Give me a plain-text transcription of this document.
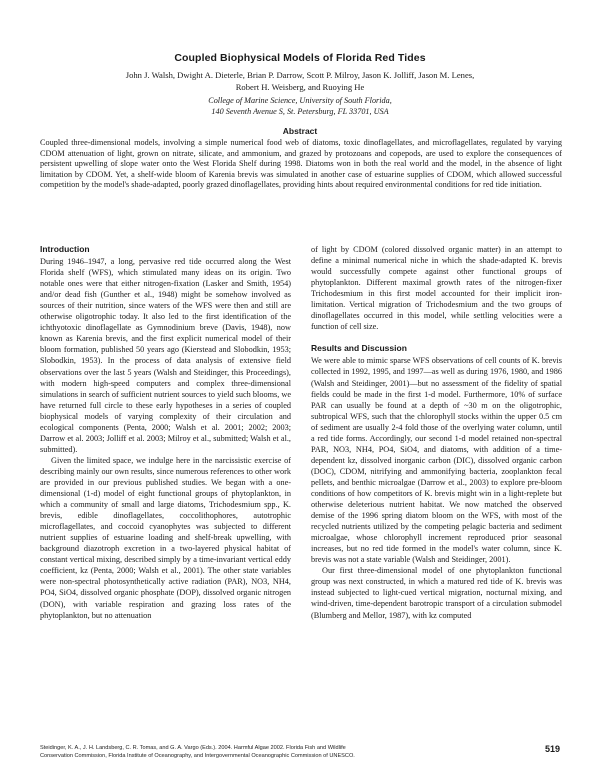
Coupled Biophysical Models of Florida Red Tides
John J. Walsh, Dwight A. Dieterle, Brian P. Darrow, Scott P. Milroy, Jason K. Jolliff, Jason M. Lenes,
Robert H. Weisberg, and Ruoying He
College of Marine Science, University of South Florida,
140 Seventh Avenue S, St. Petersburg, FL 33701, USA
Abstract
Coupled three-dimensional models, involving a simple numerical food web of diatoms, toxic dinoflagellates, and microflagellates, regulated by varying CDOM attenuation of light, grown on nitrate, silicate, and ammonium, and grazed by protozoans and copepods, are used to explore the consequences of persistent upwelling of slope water onto the West Florida Shelf during 1998. Diatoms won in both the real world and the model, in the absence of light limitation by CDOM. Yet, a shelf-wide bloom of Karenia brevis was simulated in another case of estuarine supplies of CDOM, which allowed successful competition by the model's shade-adapted, poorly grazed dinoflagellates, providing hints about required environmental conditions for red tide initiation.
Introduction
During 1946–1947, a long, pervasive red tide occurred along the West Florida shelf (WFS), which stimulated many ideas on its origin. Two notable ones were that either nitrogen-fixation (Lasker and Smith, 1954) and/or dead fish (Gunther et al., 1948) might be somehow involved as sources of their nutrition, since waters of the WFS were then and still are otherwise oligotrophic today. It also led to the first identification of the ichthyotoxic dinoflagellate as Gymnodinium breve (Davis, 1948), now known as Karenia brevis, and the first explicit numerical model of their bloom formation, published 50 years ago (Kierstead and Slobodkin, 1953; Slobodkin, 1953). In the process of data analysis of extensive field observations over the last 5 years (Walsh and Steidinger, this Proceedings), with modern high-speed computers and complex three-dimensional simulations in search of sufficient nutrient sources to yield such blooms, we have returned full circle to these early hypotheses in a series of coupled biophysical models of varying complexity of their circulation and ecological components (Penta, 2000; Walsh et al. 2001; 2002; 2003; Darrow et al. 2003; Jolliff et al. 2003; Milroy et al., submitted; Walsh et al., submitted).
Given the limited space, we indulge here in the narcissistic exercise of describing mainly our own results, since numerous references to other work are provided in our previous published studies. We began with a one-dimensional (1-d) model of eight functional groups of phytoplankton, in which a community of small and large diatoms, Trichodesmium spp., K. brevis, edible dinoflagellates, coccolithophores, autotrophic microflagellates, and coccoid cyanophytes was subjected to different nutrient supplies of estuarine loading and shelf-break upwelling, with background diazotroph excretion in a two-layered physical habitat of constant vertical mixing, described simply by a time-invariant vertical eddy coefficient, kz (Penta, 2000; Walsh et al., 2001). The other state variables were non-spectral photosynthetically active radiation (PAR), NO3, NH4, PO4, SiO4, dissolved organic phosphate (DOP), dissolved organic nitrogen (DON), with variable respiration and grazing loss rates of the phytoplankton, but no attenuation
of light by CDOM (colored dissolved organic matter) in an attempt to define a minimal numerical niche in which the shade-adapted K. brevis would successfully compete against other functional groups of phytoplankton. Different maximal growth rates of the nitrogen-fixer Trichodesmium in this first model accounted for their implicit iron-limitation. Vertical migration of Trichodesmium and the two groups of dinoflagellates occurred in this model, while settling velocities were a function of cell size.
Results and Discussion
We were able to mimic sparse WFS observations of cell counts of K. brevis collected in 1992, 1995, and 1997—as well as during 1976, 1980, and 1986 (Walsh and Steidinger, 2001)—but no assessment of the fidelity of spatial fields could be made in the first 1-d model. Furthermore, 10% of surface PAR can usually be found at a depth of ~30 m on the oligotrophic, subtropical WFS, such that the chlorophyll stocks within the upper 0.5 cm of sediment are usually 2-4 fold those of the overlying water column, until a red tide forms. Accordingly, our second 1-d model retained non-spectral PAR, NO3, NH4, PO4, SiO4, and diatoms, with addition of a time-dependent kz, dissolved inorganic carbon (DIC), dissolved organic carbon (DOC), CDOM, nitrifying and ammonifying bacteria, zooplankton fecal pellets, and benthic microalgae (Darrow et al., 2003) to explore pre-bloom conditions of how competitors of K. brevis might win in a light-replete but otherwise deleterious nutrient habitat. We now matched the observed demise of the 1996 spring diatom bloom on the WFS, with most of the recycled nutrients utilized by the competing pelagic bacteria and sediment microalgae, whose chlorophyll increment reproduced prior seasonal increases, but no red tide formed in the model's water column, since K. brevis was not a state variable (Walsh and Steidinger, 2001).
Our first three-dimensional model of one phytoplankton functional group was next constructed, in which a matured red tide of K. brevis was instead subjected to light-cued vertical migration, nocturnal mixing, and wind-driven, time-dependent barotropic transport of a circulation submodel (Blumberg and Mellor, 1987), with kz computed
Steidinger, K. A., J. H. Landsberg, C. R. Tomas, and G. A. Vargo (Eds.). 2004. Harmful Algae 2002. Florida Fish and Wildlife
Conservation Commission, Florida Institute of Oceanography, and Intergovernmental Oceanographic Commission of UNESCO.
519
